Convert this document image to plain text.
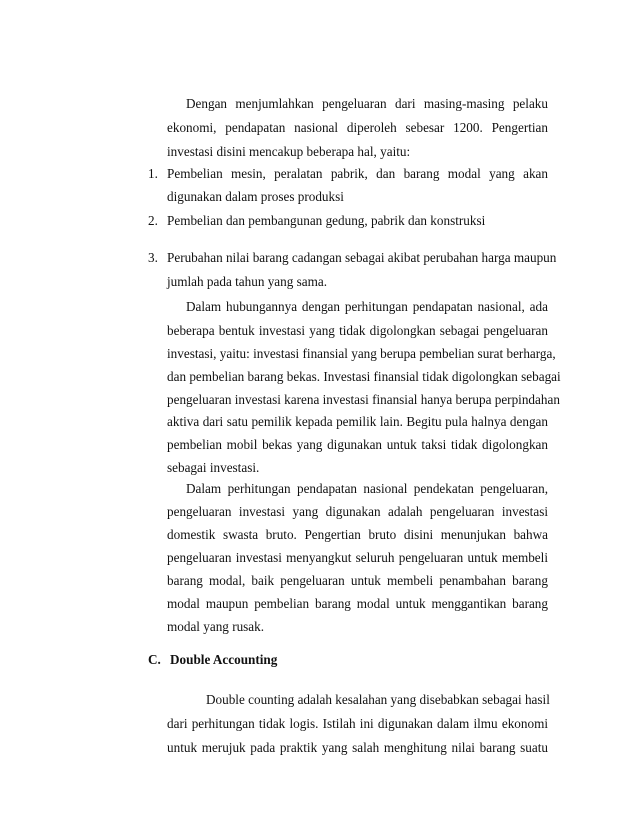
Dengan menjumlahkan pengeluaran dari masing-masing pelaku
ekonomi, pendapatan nasional diperoleh sebesar 1200. Pengertian
investasi disini mencakup beberapa hal, yaitu:
1. Pembelian mesin, peralatan pabrik, dan barang modal yang akan
digunakan dalam proses produksi
2. Pembelian dan pembangunan gedung, pabrik dan konstruksi
3. Perubahan nilai barang cadangan sebagai akibat perubahan harga maupun
jumlah pada tahun yang sama.
Dalam hubungannya dengan perhitungan pendapatan nasional, ada
beberapa bentuk investasi yang tidak digolongkan sebagai pengeluaran
investasi, yaitu: investasi finansial yang berupa pembelian surat berharga,
dan pembelian barang bekas. Investasi finansial tidak digolongkan sebagai
pengeluaran investasi karena investasi finansial hanya berupa perpindahan
aktiva dari satu pemilik kepada pemilik lain. Begitu pula halnya dengan
pembelian mobil bekas yang digunakan untuk taksi tidak digolongkan
sebagai investasi.
Dalam perhitungan pendapatan nasional pendekatan pengeluaran,
pengeluaran investasi yang digunakan adalah pengeluaran investasi
domestik swasta bruto. Pengertian bruto disini menunjukan bahwa
pengeluaran investasi menyangkut seluruh pengeluaran untuk membeli
barang modal, baik pengeluaran untuk membeli penambahan barang
modal maupun pembelian barang modal untuk menggantikan barang
modal yang rusak.
C. Double Accounting
Double counting adalah kesalahan yang disebabkan sebagai hasil
dari perhitungan tidak logis. Istilah ini digunakan dalam ilmu ekonomi
untuk merujuk pada praktik yang salah menghitung nilai barang suatu
